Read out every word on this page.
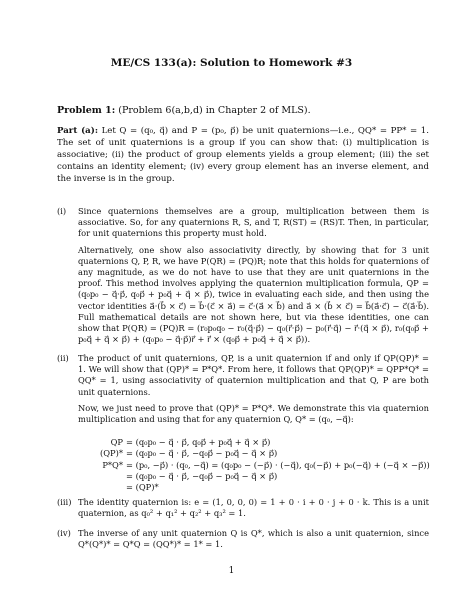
ME/CS 133(a): Solution to Homework #3
Problem 1: (Problem 6(a,b,d) in Chapter 2 of MLS).
Part (a): Let Q = (q₀, q⃗) and P = (p₀, p⃗) be unit quaternions—i.e., QQ* = PP* = 1. The set of unit quaternions is a group if you can show that: (i) multiplication is associative; (ii) the product of group elements yields a group element; (iii) the set contains an identity element; (iv) every group element has an inverse element, and the inverse is in the group.
(i) Since quaternions themselves are a group, multiplication between them is associative. So, for any quaternions R, S, and T, R(ST) = (RS)T. Then, in particular, for unit quaternions this property must hold.

Alternatively, one show also associativity directly, by showing that for 3 unit quaternions Q, P, R, we have P(QR) = (PQ)R; note that this holds for quaternions of any magnitude, as we do not have to use that they are unit quaternions in the proof. This method involves applying the quaternion multiplication formula, QP = (q₀p₀ − q⃗·p⃗, q₀p⃗ + p₀q⃗ + q⃗ × p⃗), twice in evaluating each side, and then using the vector identities a⃗·(b⃗ × c⃗) = b⃗·(c⃗ × a⃗) = c⃗·(a⃗ × b⃗) and a⃗ × (b⃗ × c⃗) = b⃗(a⃗·c⃗) − c⃗(a⃗·b⃗). Full mathematical details are not shown here, but via these identities, one can show that P(QR) = (PQ)R = (r₀p₀q₀ − r₀(q⃗·p⃗) − q₀(r⃗·p⃗) − p₀(r⃗·q⃗) − r⃗·(q⃗ × p⃗), r₀(q₀p⃗ + p₀q⃗ + q⃗ × p⃗) + (q₀p₀ − q⃗·p⃗)r⃗ + r⃗ × (q₀p⃗ + p₀q⃗ + q⃗ × p⃗)).

(ii) The product of unit quaternions, QP, is a unit quaternion if and only if QP(QP)* = 1. We will show that (QP)* = P*Q*. From here, it follows that QP(QP)* = QPP*Q* = QQ* = 1, using associativity of quaternion multiplication and that Q, P are both unit quaternions.

Now, we just need to prove that (QP)* = P*Q*. We demonstrate this via quaternion multiplication and using that for any quaternion Q, Q* = (q₀, −q⃗):

QP	= (q₀p₀ − q⃗ · p⃗, q₀p⃗ + p₀q⃗ + q⃗ × p⃗)
(QP)*	= (q₀p₀ − q⃗ · p⃗, −q₀p⃗ − p₀q⃗ − q⃗ × p⃗)
P*Q*	= (p₀, −p⃗) · (q₀, −q⃗) = (q₀p₀ − (−p⃗) · (−q⃗), q₀(−p⃗) + p₀(−q⃗) + (−q⃗ × −p⃗))
	= (q₀p₀ − q⃗ · p⃗, −q₀p⃗ − p₀q⃗ − q⃗ × p⃗)
	= (QP)*
(iii) The identity quaternion is: e = (1, 0, 0, 0) = 1 + 0 · i + 0 · j + 0 · k. This is a unit quaternion, as q₀² + q₁² + q₂² + q₃² = 1.

(iv) The inverse of any unit quaternion Q is Q*, which is also a unit quaternion, since Q*(Q*)* = Q*Q = (QQ*)* = 1* = 1.

1
